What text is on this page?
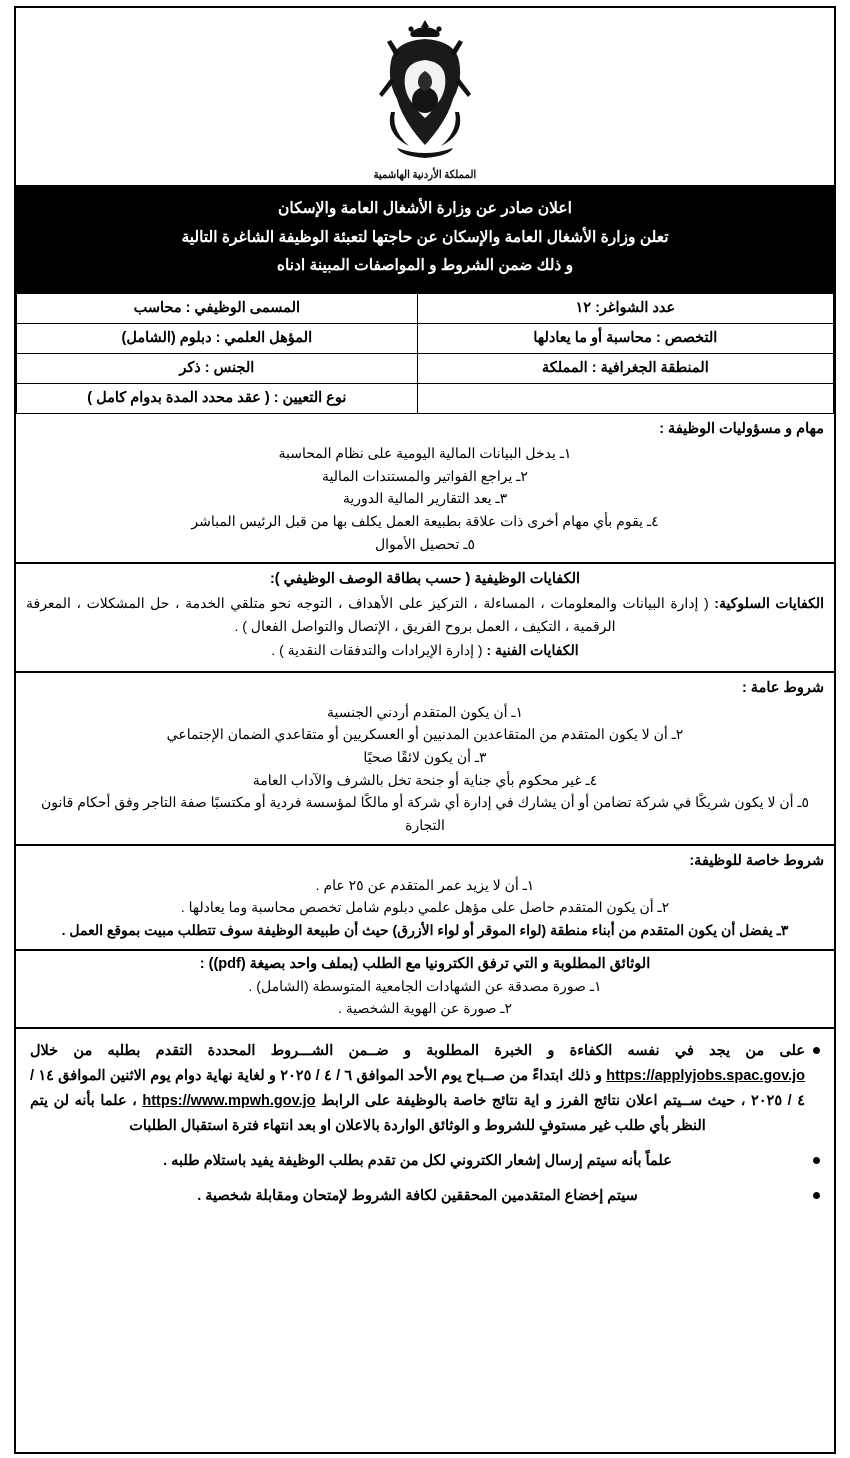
المملكة الأردنية الهاشمية
اعلان صادر عن وزارة الأشغال العامة والإسكان
تعلن وزارة الأشغال العامة والإسكان عن حاجتها لتعبئة الوظيفة الشاغرة التالية
و ذلك ضمن الشروط و المواصفات المبينة ادناه
عدد الشواغر: ١٢	المسمى الوظيفي : محاسب
التخصص : محاسبة أو ما يعادلها	المؤهل العلمي : دبلوم (الشامل)
المنطقة الجغرافية : المملكة	الجنس : ذكر
	نوع التعيين : ( عقد محدد المدة بدوام كامل )
مهام و مسؤوليات الوظيفة :
١ـ يدخل البيانات المالية اليومية على نظام المحاسبة
٢ـ يراجع الفواتير والمستندات المالية
٣ـ يعد التقارير المالية الدورية
٤ـ يقوم بأي مهام أخرى ذات علاقة بطبيعة العمل يكلف بها من قبل الرئيس المباشر
٥ـ تحصيل الأموال
الكفايات الوظيفية ( حسب بطاقة الوصف الوظيفي ):
الكفايات السلوكية: ( إدارة البيانات والمعلومات ، المساءلة ، التركيز على الأهداف ، التوجه نحو متلقي الخدمة ، حل المشكلات ، المعرفة الرقمية ، التكيف ، العمل بروح الفريق ، الإتصال والتواصل الفعال ) .
الكفايات الفنية : ( إدارة الإيرادات والتدفقات النقدية ) .
شروط عامة :
١ـ أن يكون المتقدم أردني الجنسية
٢ـ أن لا يكون المتقدم من المتقاعدين المدنيين أو العسكريين أو متقاعدي الضمان الإجتماعي
٣ـ أن يكون لائقًا صحيًا
٤ـ غير محكوم بأي جناية أو جنحة تخل بالشرف والآداب العامة
٥ـ أن لا يكون شريكًا في شركة تضامن أو أن يشارك في إدارة أي شركة أو مالكًا لمؤسسة فردية أو مكتسبًا صفة التاجر وفق أحكام قانون التجارة
شروط خاصة للوظيفة:
١ـ أن لا يزيد عمر المتقدم عن ٢٥ عام .
٢ـ أن يكون المتقدم حاصل على مؤهل علمي دبلوم شامل تخصص محاسبة وما يعادلها .
٣ـ يفضل أن يكون المتقدم من أبناء منطقة (لواء الموقر أو لواء الأزرق) حيث أن طبيعة الوظيفة سوف تتطلب مبيت بموقع العمل .
الوثائق المطلوبة و التي ترفق الكترونيا مع الطلب (بملف واحد بصيغة (pdf)) :
١ـ صورة مصدقة عن الشهادات الجامعية المتوسطة (الشامل) .
٢ـ صورة عن الهوية الشخصية .
على من يجد في نفسه الكفاءة و الخبرة المطلوبة و ضــمن الشـــروط المحددة التقدم بطلبه من خلال https://applyjobs.spac.gov.jo و ذلك ابتداءً من صــباح يوم الأحد الموافق ٦ / ٤ / ٢٠٢٥ و لغاية نهاية دوام يوم الاثنين الموافق ١٤ / ٤ / ٢٠٢٥ ، حيث ســيتم اعلان نتائج الفرز و اية نتائج خاصة بالوظيفة على الرابط https://www.mpwh.gov.jo ، علما بأنه لن يتم النظر بأي طلب غير مستوفٍ للشروط و الوثائق الواردة بالاعلان او بعد انتهاء فترة استقبال الطلبات
علماً بأنه سيتم إرسال إشعار الكتروني لكل من تقدم بطلب الوظيفة يفيد باستلام طلبه .
سيتم إخضاع المتقدمين المحققين لكافة الشروط لإمتحان ومقابلة شخصية .
